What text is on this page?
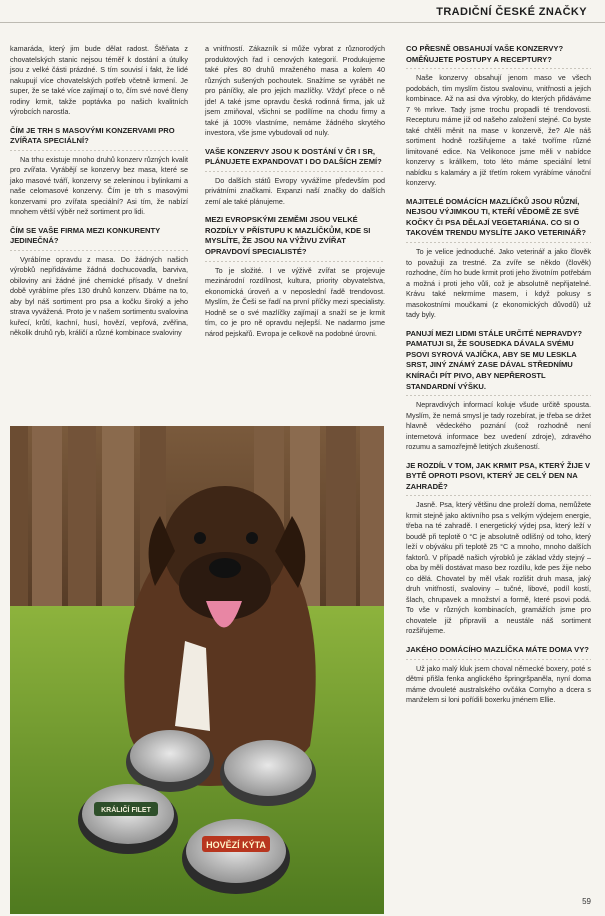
TRADIČNÍ ČESKÉ ZNAČKY

kamaráda, který jim bude dělat radost. Štěňata z chovatelských stanic nejsou téměř k dostání a útulky jsou z velké části prázdné. S tím souvisí i fakt, že lidé nakupují více chovatelských potřeb včetně krmení. Je super, že se také více zajímají o to, čím své nové členy rodiny krmit, takže poptávka po našich kvalitních výrobcích narostla.

ČÍM JE TRH S MASOVÝMI KONZERVAMI PRO ZVÍŘATA SPECIÁLNÍ?

Na trhu existuje mnoho druhů konzerv různých kvalit pro zvířata. Vyrábějí se konzervy bez masa, které se jako masové tváří, konzervy se zeleninou i bylinkami a naše celomasové konzervy. Čím je trh s masovými konzervami pro zvířata speciální? Asi tím, že nabízí mnohem větší výběr než sortiment pro lidi.

ČÍM SE VAŠE FIRMA MEZI KONKURENTY JEDINEČNÁ?

Vyrábíme opravdu z masa. Do žádných našich výrobků nepřidáváme žádná dochucovadla, barviva, obiloviny ani žádné jiné chemické přísady. V dnešní době vyrábíme přes 130 druhů konzerv. Dbáme na to, aby byl náš sortiment pro psa a kočku široký a jeho strava vyvážená. Proto je v našem sortimentu svalovina kuřecí, krůtí, kachní, husí, hovězí, vepřová, zvěřina, několik druhů ryb, králičí a různé kombinace svaloviny

a vnitřností. Zákazník si může vybrat z různorodých produktových řad i cenových kategorií. Produkujeme také přes 80 druhů mraženého masa a kolem 40 různých sušených pochoutek. Snažíme se vyrábět ne pro páníčky, ale pro jejich mazlíčky. Vždyť přece o ně jde! A také jsme opravdu česká rodinná firma, jak už jsem zmiňoval, všichni se podílíme na chodu firmy a také já 100% vlastníme, nemáme žádného skrytého investora, vše jsme vybudovali od nuly.

VAŠE KONZERVY JSOU K DOSTÁNÍ V ČR I SR, PLÁNUJETE EXPANDOVAT I DO DALŠÍCH ZEMÍ?

Do dalších států Evropy vyvážíme především pod privátními značkami. Expanzi naší značky do dalších zemí ale také plánujeme.

MEZI EVROPSKÝMI ZEMĚMI JSOU VELKÉ ROZDÍLY V PŘÍSTUPU K MAZLÍČKŮM, KDE SI MYSLÍTE, ŽE JSOU NA VÝŽIVU ZVÍŘAT OPRAVDOVÍ SPECIALISTÉ?

To je složité. I ve výživě zvířat se projevuje mezinárodní rozdílnost, kultura, priority obyvatelstva, ekonomická úroveň a v neposlední řadě trendovost. Myslím, že Češi se řadí na první příčky mezi specialisty. Hodně se o své mazlíčky zajímají a snaží se je krmit tím, co je pro ně opravdu nejlepší. Ne nadarmo jsme národ pejskařů. Evropa je celkově na podobné úrovni.

CO PŘESNĚ OBSAHUJÍ VAŠE KONZERVY? OMĚŇUJETE POSTUPY A RECEPTURY?

Naše konzervy obsahují jenom maso ve všech podobách, tím myslím čistou svalovinu, vnitřnosti a jejich kombinace. Až na asi dva výrobky, do kterých přidáváme 7 % mrkve. Tady jsme trochu propadli té trendovosti. Recepturu máme již od našeho založení stejné. Co byste také chtěli měnit na mase v konzervě, že? Ale náš sortiment hodně rozšiřujeme a také tvoříme různé limitované edice. Na Velikonoce jsme měli v nabídce konzervy s králíkem, toto léto máme speciální letní nabídku s kalamáry a již třetím rokem vyrábíme vánoční konzervy.

MAJITELÉ DOMÁCÍCH MAZLÍČKŮ JSOU RŮZNÍ, NEJSOU VÝJIMKOU TI, KTEŘÍ VĚDOMĚ ZE SVÉ KOČKY ČI PSA DĚLAJÍ VEGETARIÁNA. CO SI O TAKOVÉM TRENDU MYSLÍTE JAKO VETERINÁŘ?

To je velice jednoduché. Jako veterinář a jako člověk to považuji za trestné. Za zvíře se někdo (člověk) rozhodne, čím ho bude krmit proti jeho životním potřebám a možná i proti jeho vůli, což je absolutně nepřijatelné. Krávu také nekrmíme masem, i když pokusy s masokostními moučkami (z ekonomických důvodů) už tady byly.

PANUJÍ MEZI LIDMI STÁLE URČITÉ NEPRAVDY? PAMATUJI SI, ŽE SOUSEDKA DÁVALA SVÉMU PSOVI SYROVÁ VAJÍČKA, ABY SE MU LESKLA SRST, JINÝ ZNÁMÝ ZASE DÁVAL STŘEDNÍMU KNÍRAČI PÍT PIVO, ABY NEPŘEROSTL STANDARDNÍ VÝŠKU.

Nepravdivých informací koluje všude určitě spousta. Myslím, že nemá smysl je tady rozebírat, je třeba se držet hlavně vědeckého poznání (což rozhodně není internetová informace bez uvedení zdroje), zdravého rozumu a samozřejmě letitých zkušeností.

JE ROZDÍL V TOM, JAK KRMIT PSA, KTERÝ ŽIJE V BYTĚ OPROTI PSOVI, KTERÝ JE CELÝ DEN NA ZAHRADĚ?

Jasně. Psa, který většinu dne proleží doma, nemůžete krmit stejně jako aktivního psa s velkým výdejem energie, třeba na té zahradě. I energetický výdej psa, který leží v boudě při teplotě 0 °C je absolutně odlišný od toho, který leží v obýváku při teplotě 25 °C a mnoho, mnoho dalších faktorů. V případě našich výrobků je základ vždy stejný – oba by měli dostávat maso bez rozdílu, kde pes žije nebo co dělá. Chovatel by měl však rozlišit druh masa, jaký druh vnitřností, svaloviny – tučné, libové, podíl kostí, šlach, chrupavek a množství a formě, které psovi podá. To vše v různých kombinacích, gramážích jsme pro chovatele již připravili a neustále náš sortiment rozšiřujeme.

JAKÉHO DOMÁCÍHO MAZLÍČKA MÁTE DOMA VY?

Už jako malý kluk jsem choval německé boxery, poté s dětmi přišla fenka anglického špringršpaněla, nyní doma máme dvouleté australského ovčáka Cornyho a dcera s manželem si loni pořídili boxerku jménem Ellie.

HOVĚZÍ KÝTA
KRÁLIČÍ FILET
59
